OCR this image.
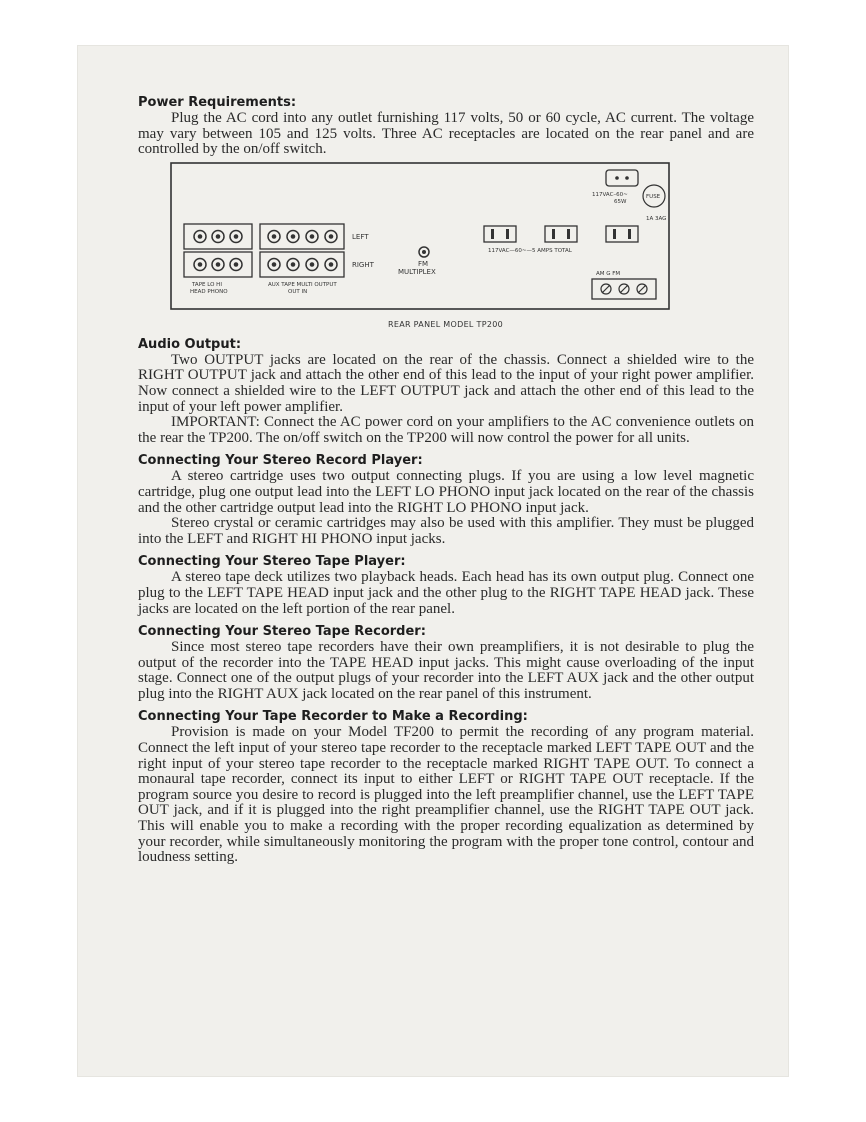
Power Requirements:

Plug the AC cord into any outlet furnishing 117 volts, 50 or 60 cycle, AC current. The voltage may vary between 105 and 125 volts. Three AC receptacles are located on the rear panel and are controlled by the on/off switch.

LEFT
RIGHT
TAPE LO HI
HEAD PHONO
AUX TAPE MULTI OUTPUT
OUT IN
FM
MULTIPLEX
117VAC–60~
65W
FUSE
1A 3AG
117VAC—60~—5 AMPS TOTAL
AM G FM
REAR PANEL MODEL TP200
Audio Output:

Two OUTPUT jacks are located on the rear of the chassis. Connect a shielded wire to the RIGHT OUTPUT jack and attach the other end of this lead to the input of your right power amplifier. Now connect a shielded wire to the LEFT OUTPUT jack and attach the other end of this lead to the input of your left power amplifier.

IMPORTANT: Connect the AC power cord on your amplifiers to the AC convenience outlets on the rear the TP200. The on/off switch on the TP200 will now control the power for all units.

Connecting Your Stereo Record Player:

A stereo cartridge uses two output connecting plugs. If you are using a low level magnetic cartridge, plug one output lead into the LEFT LO PHONO input jack located on the rear of the chassis and the other cartridge output lead into the RIGHT LO PHONO input jack.

Stereo crystal or ceramic cartridges may also be used with this amplifier. They must be plugged into the LEFT and RIGHT HI PHONO input jacks.

Connecting Your Stereo Tape Player:

A stereo tape deck utilizes two playback heads. Each head has its own output plug. Connect one plug to the LEFT TAPE HEAD input jack and the other plug to the RIGHT TAPE HEAD jack. These jacks are located on the left portion of the rear panel.

Connecting Your Stereo Tape Recorder:

Since most stereo tape recorders have their own preamplifiers, it is not desirable to plug the output of the recorder into the TAPE HEAD input jacks. This might cause overloading of the input stage. Connect one of the output plugs of your recorder into the LEFT AUX jack and the other output plug into the RIGHT AUX jack located on the rear panel of this instrument.

Connecting Your Tape Recorder to Make a Recording:

Provision is made on your Model TF200 to permit the recording of any program material. Connect the left input of your stereo tape recorder to the receptacle marked LEFT TAPE OUT and the right input of your stereo tape recorder to the receptacle marked RIGHT TAPE OUT. To connect a monaural tape recorder, connect its input to either LEFT or RIGHT TAPE OUT receptacle. If the program source you desire to record is plugged into the left preamplifier channel, use the LEFT TAPE OUT jack, and if it is plugged into the right preamplifier channel, use the RIGHT TAPE OUT jack. This will enable you to make a recording with the proper recording equalization as determined by your recorder, while simultaneously monitoring the program with the proper tone control, contour and loudness setting.
